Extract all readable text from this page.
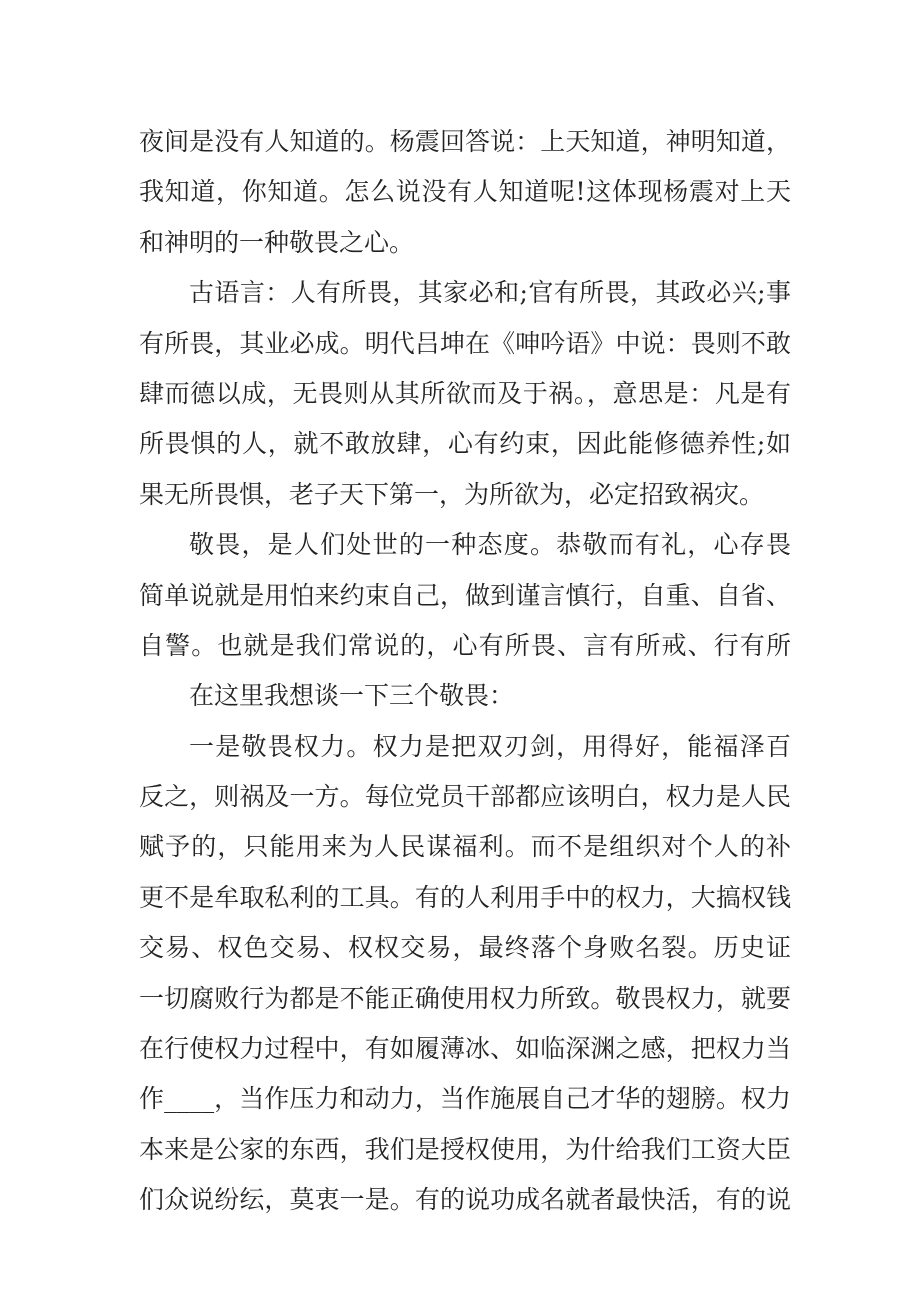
夜间是没有人知道的。杨震回答说：上天知道，神明知道，
我知道，你知道。怎么说没有人知道呢!这体现杨震对上天
和神明的一种敬畏之心。
古语言：人有所畏，其家必和;官有所畏，其政必兴;事
有所畏，其业必成。明代吕坤在《呻吟语》中说：畏则不敢
肆而德以成，无畏则从其所欲而及于祸。，意思是：凡是有
所畏惧的人，就不敢放肆，心有约束，因此能修德养性;如
果无所畏惧，老子天下第一，为所欲为，必定招致祸灾。
敬畏，是人们处世的一种态度。恭敬而有礼，心存畏
简单说就是用怕来约束自己，做到谨言慎行，自重、自省、
自警。也就是我们常说的，心有所畏、言有所戒、行有所
在这里我想谈一下三个敬畏：
一是敬畏权力。权力是把双刃剑，用得好，能福泽百
反之，则祸及一方。每位党员干部都应该明白，权力是人民
赋予的，只能用来为人民谋福利。而不是组织对个人的补
更不是牟取私利的工具。有的人利用手中的权力，大搞权钱
交易、权色交易、权权交易，最终落个身败名裂。历史证
一切腐败行为都是不能正确使用权力所致。敬畏权力，就要
在行使权力过程中，有如履薄冰、如临深渊之感，把权力当
作____，当作压力和动力，当作施展自己才华的翅膀。权力
本来是公家的东西，我们是授权使用，为什给我们工资大臣
们众说纷纭，莫衷一是。有的说功成名就者最快活，有的说
